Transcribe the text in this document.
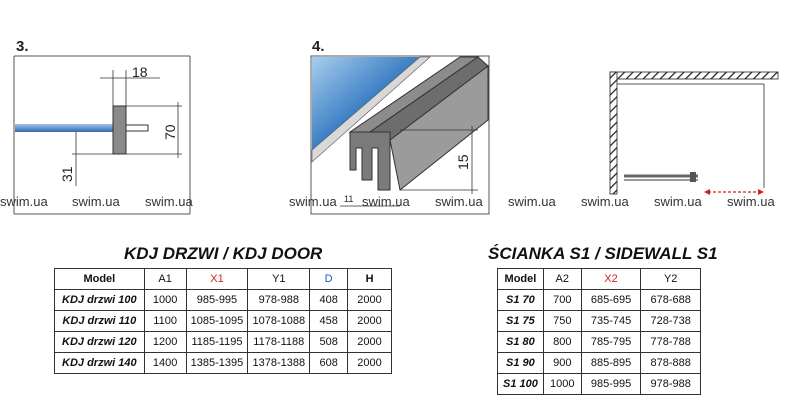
3.
18
70
31
4.
15
11
swim.ua swim.ua swim.ua	swim.ua swim.ua swim.ua swim.ua swim.ua swim.ua swim.ua
KDJ DRZWI / KDJ DOOR	ŚCIANKA S1 / SIDEWALL S1
Model	A1	X1	Y1	D	H
KDJ drzwi 100	1000	985-995	978-988	408	2000
KDJ drzwi 110	1100	1085-1095	1078-1088	458	2000
KDJ drzwi 120	1200	1185-1195	1178-1188	508	2000
KDJ drzwi 140	1400	1385-1395	1378-1388	608	2000
Model	A2	X2	Y2
S1 70	700	685-695	678-688
S1 75	750	735-745	728-738
S1 80	800	785-795	778-788
S1 90	900	885-895	878-888
S1 100	1000	985-995	978-988
